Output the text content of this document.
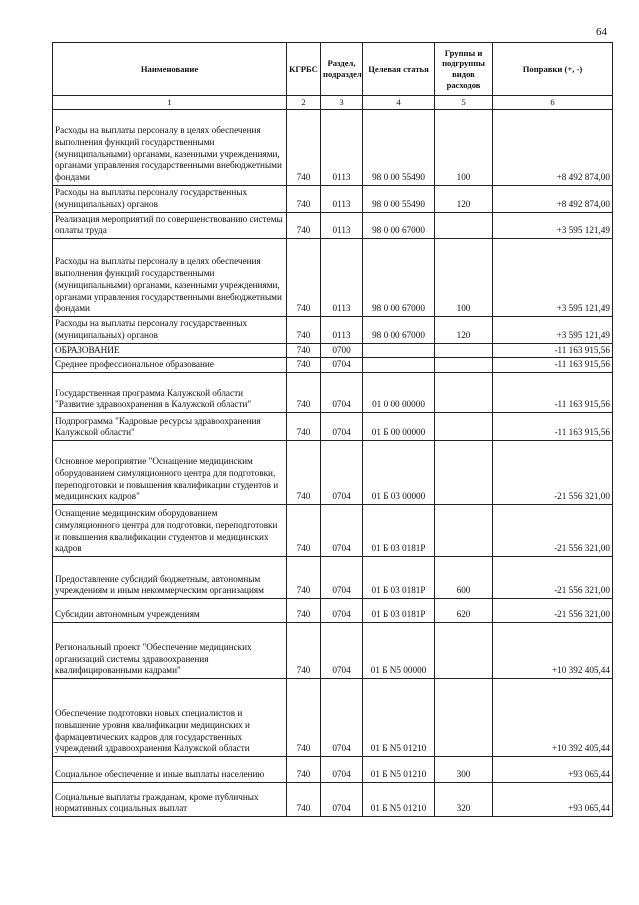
64
Наименование	КГРБС	Раздел, подраздел	Целевая статья	Группы и подгруппы видов расходов	Поправки (+, -)
1	2	3	4	5	6
Расходы на выплаты персоналу в целях обеспечения выполнения функций государственными (муниципальными) органами, казенными учреждениями, органами управления государственными внебюджетными фондами	740	0113	98 0 00 55490	100	+8 492 874,00
Расходы на выплаты персоналу государственных (муниципальных) органов	740	0113	98 0 00 55490	120	+8 492 874,00
Реализация мероприятий по совершенствованию системы оплаты труда	740	0113	98 0 00 67000		+3 595 121,49
Расходы на выплаты персоналу в целях обеспечения выполнения функций государственными (муниципальными) органами, казенными учреждениями, органами управления государственными внебюджетными фондами	740	0113	98 0 00 67000	100	+3 595 121,49
Расходы на выплаты персоналу государственных (муниципальных) органов	740	0113	98 0 00 67000	120	+3 595 121,49
ОБРАЗОВАНИЕ	740	0700			-11 163 915,56
Среднее профессиональное образование	740	0704			-11 163 915,56
Государственная программа Калужской области "Развитие здравоохранения в Калужской области"	740	0704	01 0 00 00000		-11 163 915,56
Подпрограмма "Кадровые ресурсы здравоохранения Калужской области"	740	0704	01 Б 00 00000		-11 163 915,56
Основное мероприятие "Оснащение медицинским оборудованием симуляционного центра для подготовки, переподготовки и повышения квалификации студентов и медицинских кадров"	740	0704	01 Б 03 00000		-21 556 321,00
Оснащение медицинским оборудованием симуляционного центра для подготовки, переподготовки и повышения квалификации студентов и медицинских кадров	740	0704	01 Б 03 0181Р		-21 556 321,00
Предоставление субсидий бюджетным, автономным учреждениям и иным некоммерческим организациям	740	0704	01 Б 03 0181Р	600	-21 556 321,00
Субсидии автономным учреждениям	740	0704	01 Б 03 0181Р	620	-21 556 321,00
Региональный проект "Обеспечение медицинских организаций системы здравоохранения квалифицированными кадрами"	740	0704	01 Б N5 00000		+10 392 405,44
Обеспечение подготовки новых специалистов и повышение уровня квалификации медицинских и фармацевтических кадров для государственных учреждений здравоохранения Калужской области	740	0704	01 Б N5 01210		+10 392 405,44
Социальное обеспечение и иные выплаты населению	740	0704	01 Б N5 01210	300	+93 065,44
Социальные выплаты гражданам, кроме публичных нормативных социальных выплат	740	0704	01 Б N5 01210	320	+93 065,44
